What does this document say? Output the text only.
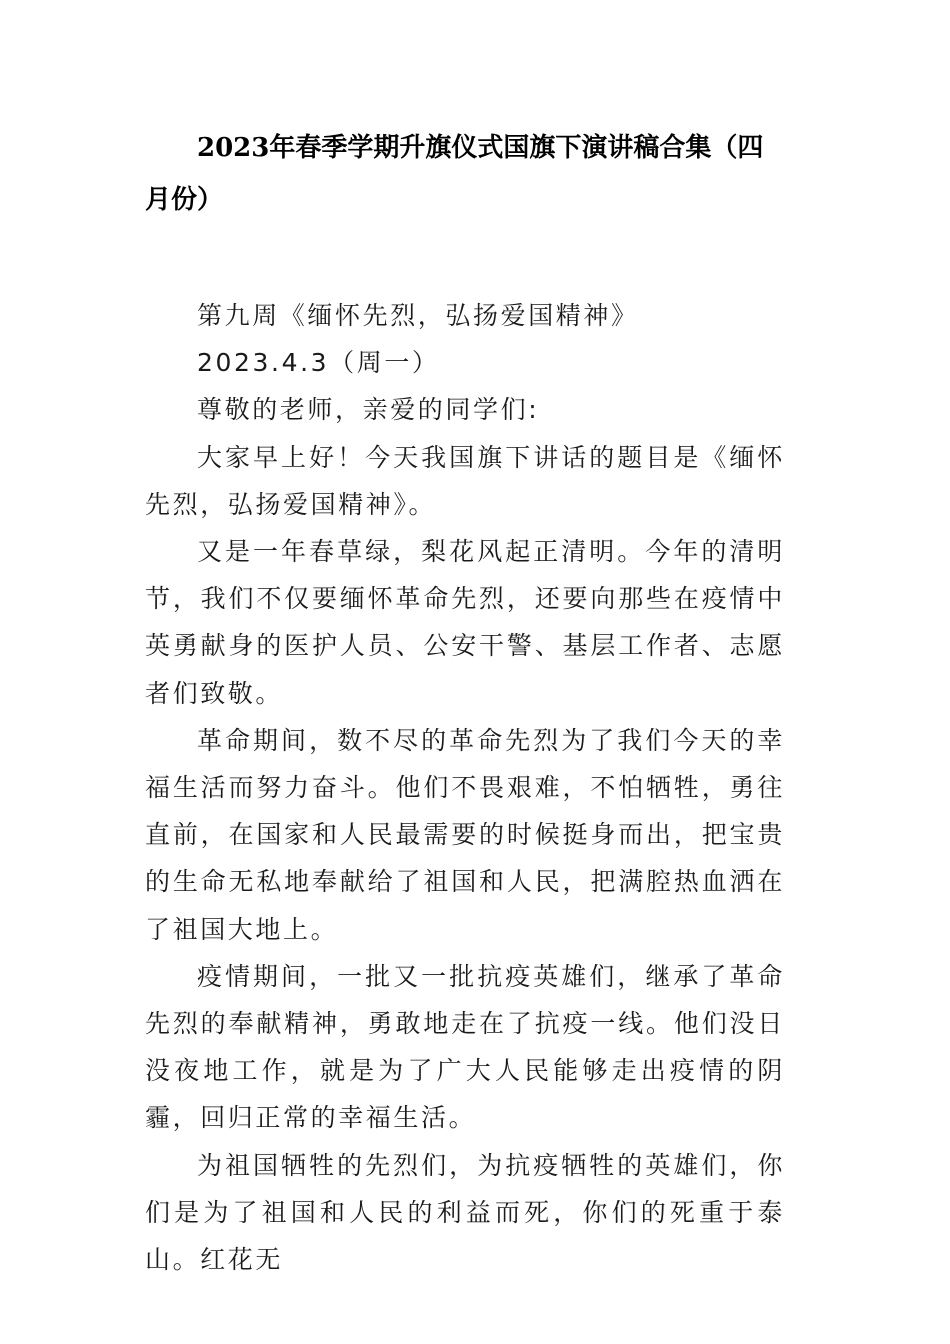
2023年春季学期升旗仪式国旗下演讲稿合集（四月份）

第九周《缅怀先烈，弘扬爱国精神》

2023.4.3（周一）

尊敬的老师，亲爱的同学们:

大家早上好！今天我国旗下讲话的题目是《缅怀先烈，弘扬爱国精神》。

又是一年春草绿，梨花风起正清明。今年的清明节，我们不仅要缅怀革命先烈，还要向那些在疫情中英勇献身的医护人员、公安干警、基层工作者、志愿者们致敬。

革命期间，数不尽的革命先烈为了我们今天的幸福生活而努力奋斗。他们不畏艰难，不怕牺牲，勇往直前，在国家和人民最需要的时候挺身而出，把宝贵的生命无私地奉献给了祖国和人民，把满腔热血洒在了祖国大地上。

疫情期间，一批又一批抗疫英雄们，继承了革命先烈的奉献精神，勇敢地走在了抗疫一线。他们没日没夜地工作，就是为了广大人民能够走出疫情的阴霾，回归正常的幸福生活。

为祖国牺牲的先烈们，为抗疫牺牲的英雄们，你们是为了祖国和人民的利益而死，你们的死重于泰山。红花无
